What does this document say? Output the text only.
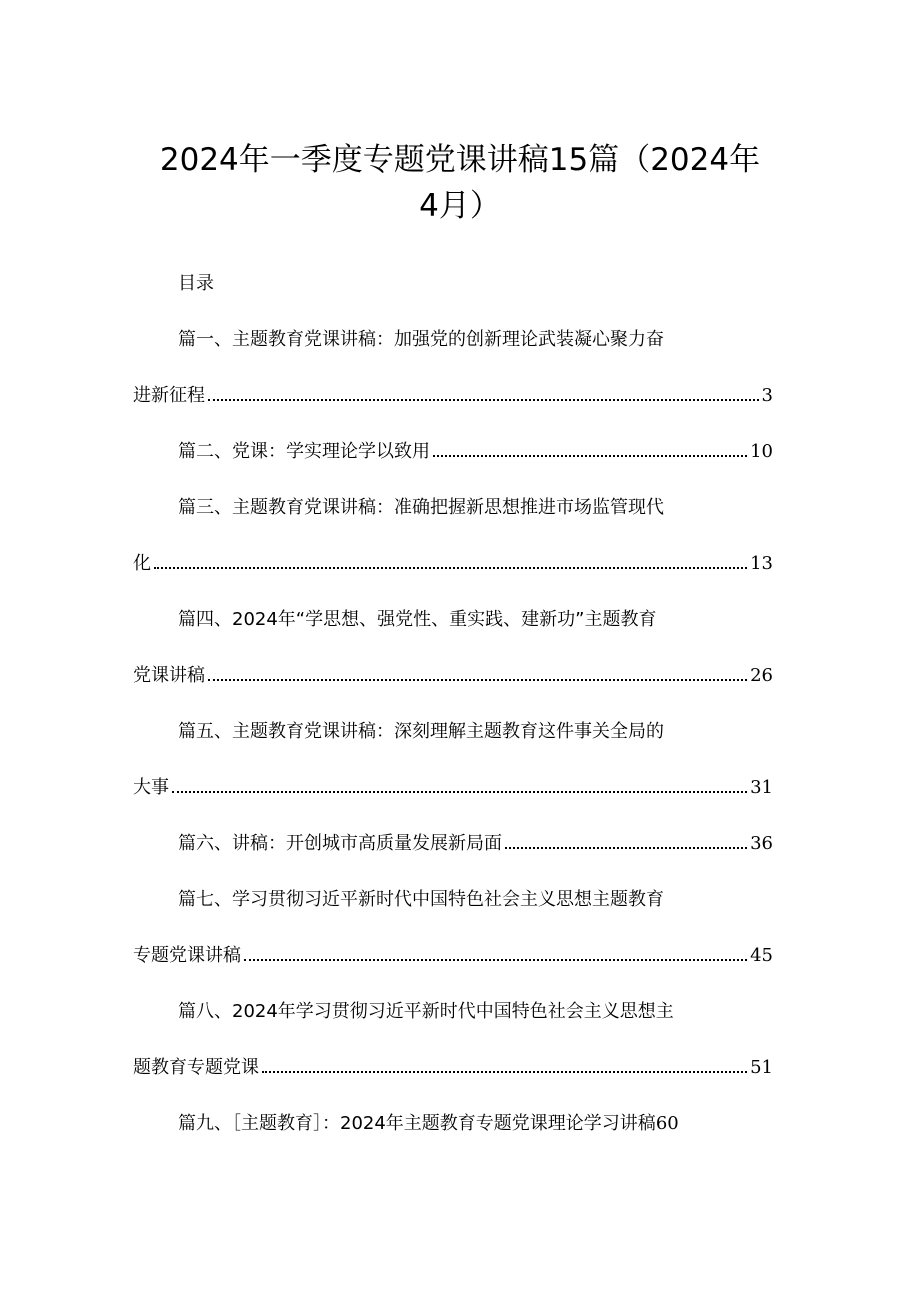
2024年一季度专题党课讲稿15篇（2024年
4月）
目录
篇一、主题教育党课讲稿：加强党的创新理论武装凝心聚力奋
进新征程	3
篇二、党课：学实理论学以致用	10
篇三、主题教育党课讲稿：准确把握新思想推进市场监管现代
化	13
篇四、2024年“学思想、强党性、重实践、建新功”主题教育
党课讲稿	26
篇五、主题教育党课讲稿：深刻理解主题教育这件事关全局的
大事	31
篇六、讲稿：开创城市高质量发展新局面	36
篇七、学习贯彻习近平新时代中国特色社会主义思想主题教育
专题党课讲稿	45
篇八、2024年学习贯彻习近平新时代中国特色社会主义思想主
题教育专题党课	51
篇九、［主题教育］：2024年主题教育专题党课理论学习讲稿 60
